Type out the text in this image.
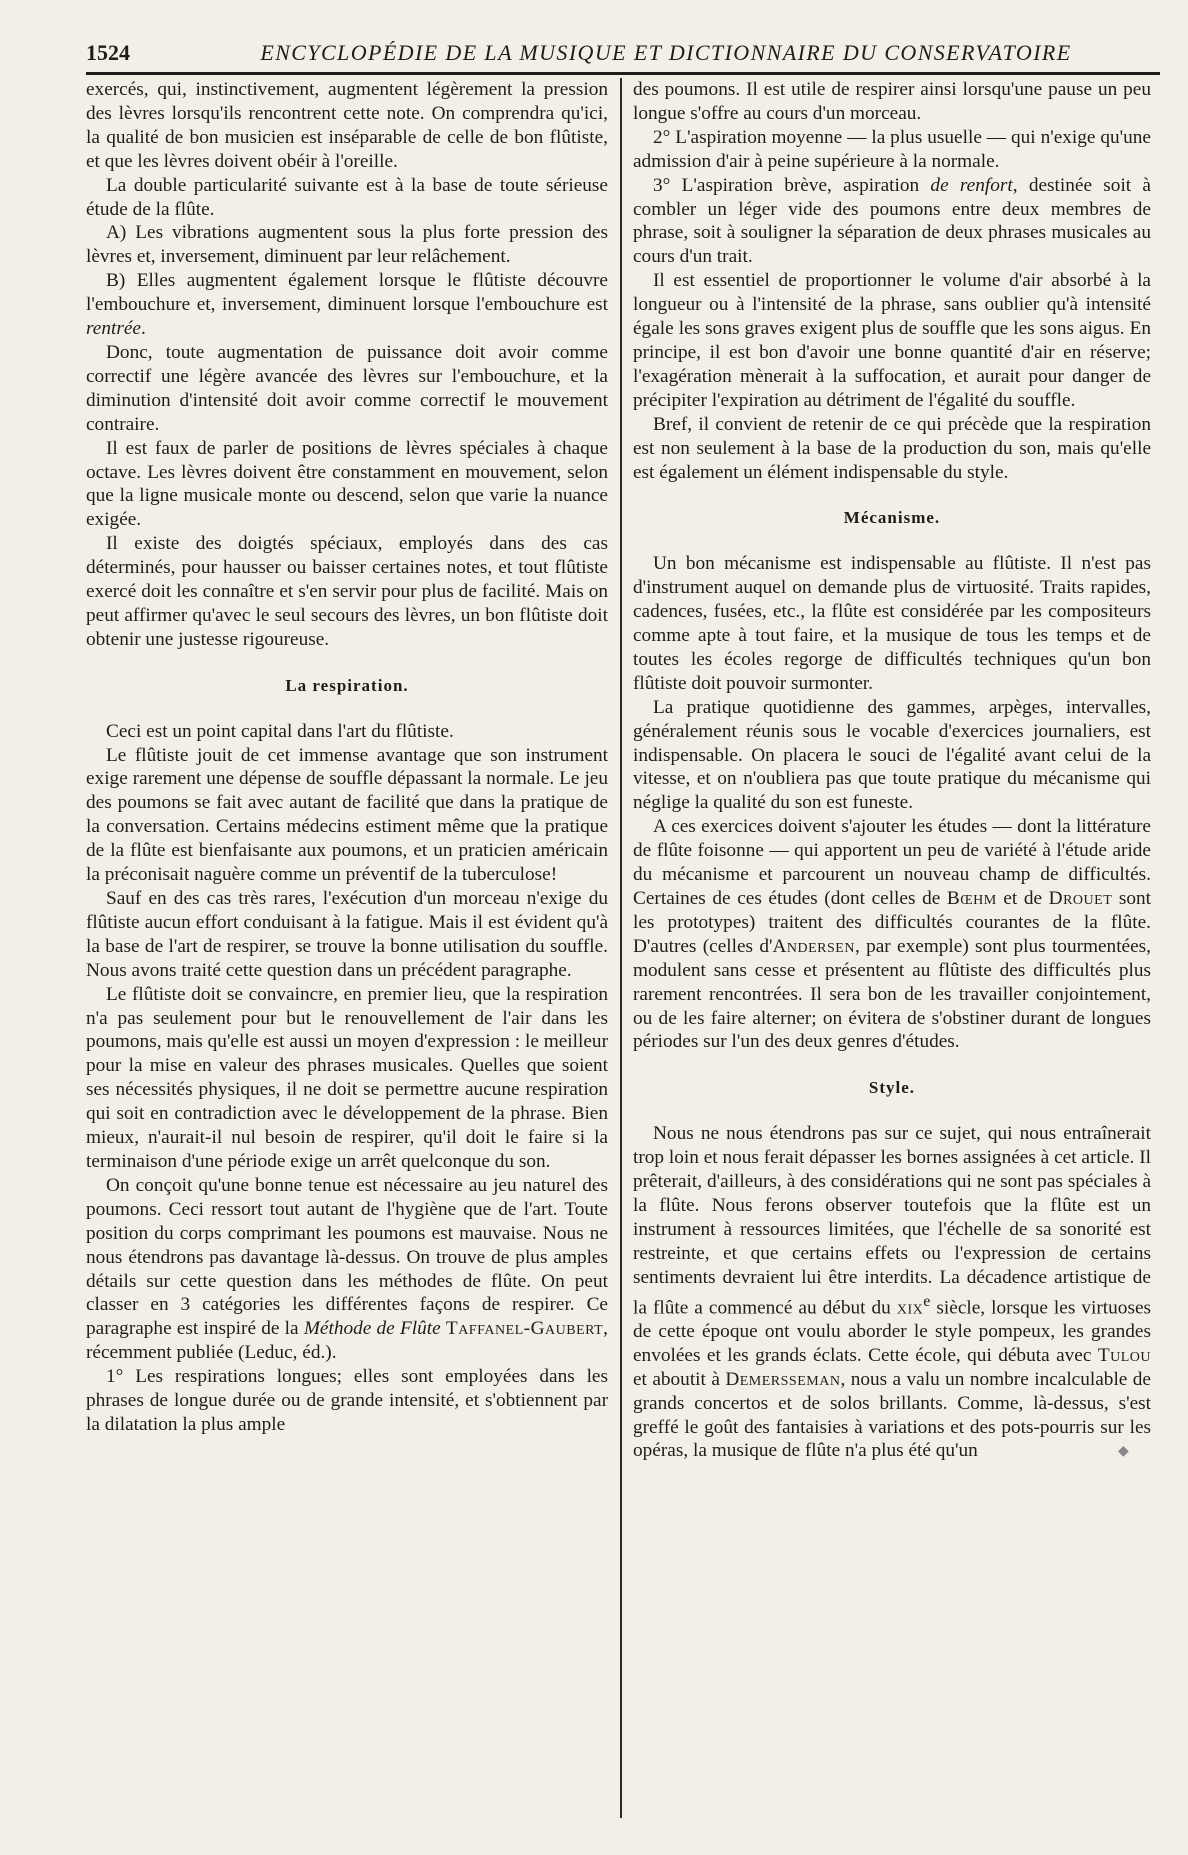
1524	ENCYCLOPÉDIE DE LA MUSIQUE ET DICTIONNAIRE DU CONSERVATOIRE

exercés, qui, instinctivement, augmentent légèrement la pression des lèvres lorsqu'ils rencontrent cette note. On comprendra qu'ici, la qualité de bon musicien est inséparable de celle de bon flûtiste, et que les lèvres doivent obéir à l'oreille.

La double particularité suivante est à la base de toute sérieuse étude de la flûte.

A) Les vibrations augmentent sous la plus forte pression des lèvres et, inversement, diminuent par leur relâchement.

B) Elles augmentent également lorsque le flûtiste découvre l'embouchure et, inversement, diminuent lorsque l'embouchure est rentrée.

Donc, toute augmentation de puissance doit avoir comme correctif une légère avancée des lèvres sur l'embouchure, et la diminution d'intensité doit avoir comme correctif le mouvement contraire.

Il est faux de parler de positions de lèvres spéciales à chaque octave. Les lèvres doivent être constamment en mouvement, selon que la ligne musicale monte ou descend, selon que varie la nuance exigée.

Il existe des doigtés spéciaux, employés dans des cas déterminés, pour hausser ou baisser certaines notes, et tout flûtiste exercé doit les connaître et s'en servir pour plus de facilité. Mais on peut affirmer qu'avec le seul secours des lèvres, un bon flûtiste doit obtenir une justesse rigoureuse.

La respiration.

Ceci est un point capital dans l'art du flûtiste.

Le flûtiste jouit de cet immense avantage que son instrument exige rarement une dépense de souffle dépassant la normale. Le jeu des poumons se fait avec autant de facilité que dans la pratique de la conversation. Certains médecins estiment même que la pratique de la flûte est bienfaisante aux poumons, et un praticien américain la préconisait naguère comme un préventif de la tuberculose!

Sauf en des cas très rares, l'exécution d'un morceau n'exige du flûtiste aucun effort conduisant à la fatigue. Mais il est évident qu'à la base de l'art de respirer, se trouve la bonne utilisation du souffle. Nous avons traité cette question dans un précédent paragraphe.

Le flûtiste doit se convaincre, en premier lieu, que la respiration n'a pas seulement pour but le renouvellement de l'air dans les poumons, mais qu'elle est aussi un moyen d'expression : le meilleur pour la mise en valeur des phrases musicales. Quelles que soient ses nécessités physiques, il ne doit se permettre aucune respiration qui soit en contradiction avec le développement de la phrase. Bien mieux, n'aurait-il nul besoin de respirer, qu'il doit le faire si la terminaison d'une période exige un arrêt quelconque du son.

On conçoit qu'une bonne tenue est nécessaire au jeu naturel des poumons. Ceci ressort tout autant de l'hygiène que de l'art. Toute position du corps comprimant les poumons est mauvaise. Nous ne nous étendrons pas davantage là-dessus. On trouve de plus amples détails sur cette question dans les méthodes de flûte. On peut classer en 3 catégories les différentes façons de respirer. Ce paragraphe est inspiré de la Méthode de Flûte Taffanel-Gaubert, récemment publiée (Leduc, éd.).

1° Les respirations longues; elles sont employées dans les phrases de longue durée ou de grande intensité, et s'obtiennent par la dilatation la plus ample

des poumons. Il est utile de respirer ainsi lorsqu'une pause un peu longue s'offre au cours d'un morceau.

2° L'aspiration moyenne — la plus usuelle — qui n'exige qu'une admission d'air à peine supérieure à la normale.

3° L'aspiration brève, aspiration de renfort, destinée soit à combler un léger vide des poumons entre deux membres de phrase, soit à souligner la séparation de deux phrases musicales au cours d'un trait.

Il est essentiel de proportionner le volume d'air absorbé à la longueur ou à l'intensité de la phrase, sans oublier qu'à intensité égale les sons graves exigent plus de souffle que les sons aigus. En principe, il est bon d'avoir une bonne quantité d'air en réserve; l'exagération mènerait à la suffocation, et aurait pour danger de précipiter l'expiration au détriment de l'égalité du souffle.

Bref, il convient de retenir de ce qui précède que la respiration est non seulement à la base de la production du son, mais qu'elle est également un élément indispensable du style.

Mécanisme.

Un bon mécanisme est indispensable au flûtiste. Il n'est pas d'instrument auquel on demande plus de virtuosité. Traits rapides, cadences, fusées, etc., la flûte est considérée par les compositeurs comme apte à tout faire, et la musique de tous les temps et de toutes les écoles regorge de difficultés techniques qu'un bon flûtiste doit pouvoir surmonter.

La pratique quotidienne des gammes, arpèges, intervalles, généralement réunis sous le vocable d'exercices journaliers, est indispensable. On placera le souci de l'égalité avant celui de la vitesse, et on n'oubliera pas que toute pratique du mécanisme qui néglige la qualité du son est funeste.

A ces exercices doivent s'ajouter les études — dont la littérature de flûte foisonne — qui apportent un peu de variété à l'étude aride du mécanisme et parcourent un nouveau champ de difficultés. Certaines de ces études (dont celles de Bœhm et de Drouet sont les prototypes) traitent des difficultés courantes de la flûte. D'autres (celles d'Andersen, par exemple) sont plus tourmentées, modulent sans cesse et présentent au flûtiste des difficultés plus rarement rencontrées. Il sera bon de les travailler conjointement, ou de les faire alterner; on évitera de s'obstiner durant de longues périodes sur l'un des deux genres d'études.

Style.

Nous ne nous étendrons pas sur ce sujet, qui nous entraînerait trop loin et nous ferait dépasser les bornes assignées à cet article. Il prêterait, d'ailleurs, à des considérations qui ne sont pas spéciales à la flûte. Nous ferons observer toutefois que la flûte est un instrument à ressources limitées, que l'échelle de sa sonorité est restreinte, et que certains effets ou l'expression de certains sentiments devraient lui être interdits. La décadence artistique de la flûte a commencé au début du xix$^e$ siècle, lorsque les virtuoses de cette époque ont voulu aborder le style pompeux, les grandes envolées et les grands éclats. Cette école, qui débuta avec Tulou et aboutit à Demersseman, nous a valu un nombre incalculable de grands concertos et de solos brillants. Comme, là-dessus, s'est greffé le goût des fantaisies à variations et des pots-pourris sur les opéras, la musique de flûte n'a plus été qu'un	◆
